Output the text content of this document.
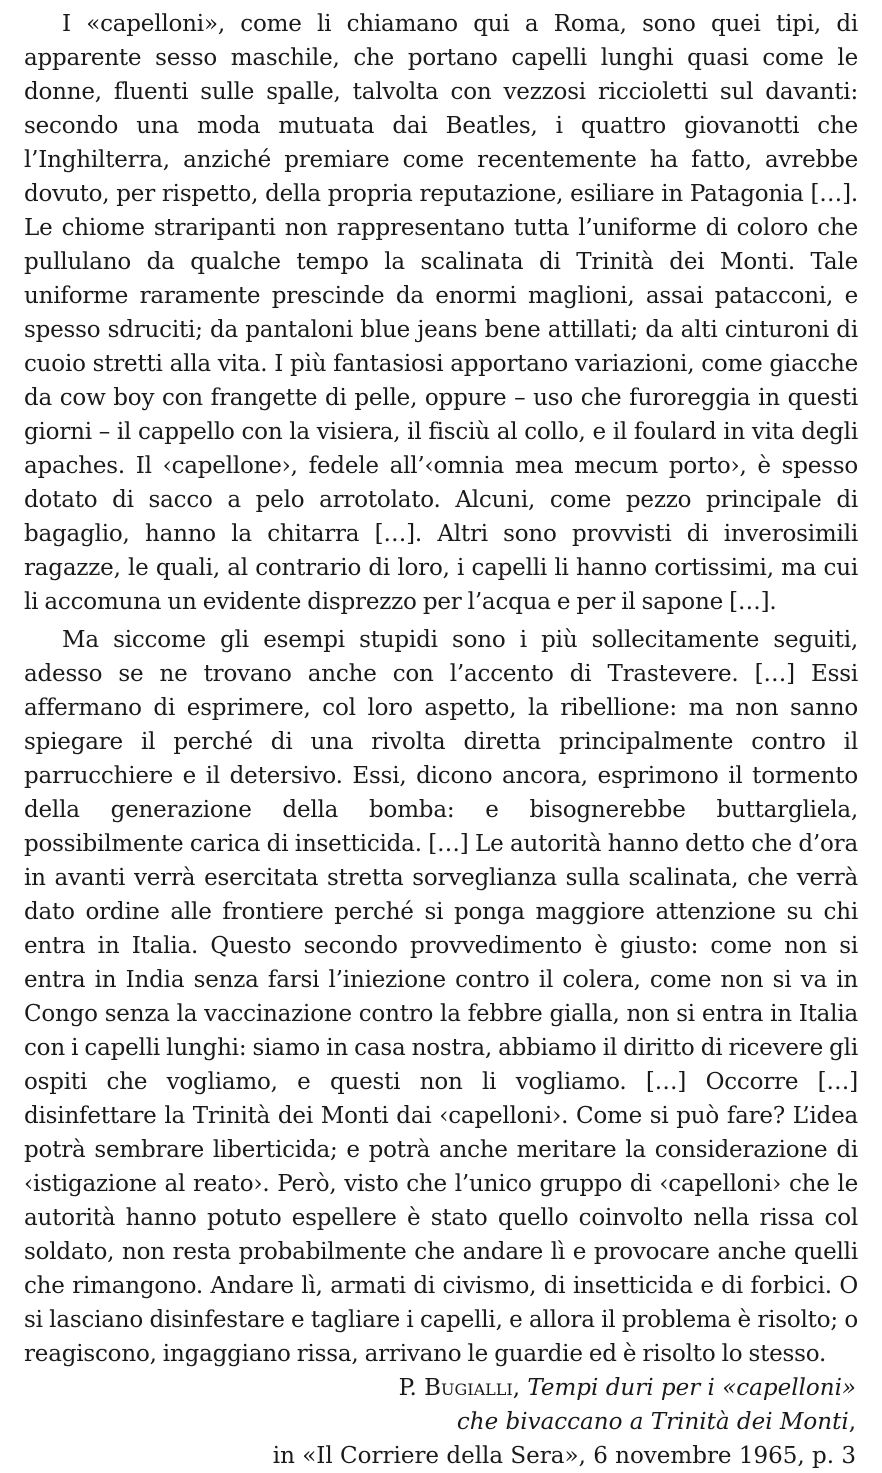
I «capelloni», come li chiamano qui a Roma, sono quei tipi, di apparente sesso maschile, che portano capelli lunghi quasi come le donne, fluenti sulle spalle, talvolta con vezzosi riccioletti sul davanti: secondo una moda mutuata dai Beatles, i quattro giovanotti che l’Inghilterra, anziché premiare come recentemente ha fatto, avrebbe dovuto, per rispetto, della propria reputazione, esiliare in Patagonia […]. Le chiome straripanti non rappresentano tutta l’uniforme di coloro che pullulano da qualche tempo la scalinata di Trinità dei Monti. Tale uniforme raramente prescinde da enormi maglioni, assai patacconi, e spesso sdruciti; da pantaloni blue jeans bene attillati; da alti cinturoni di cuoio stretti alla vita. I più fantasiosi apportano variazioni, come giacche da cow boy con frangette di pelle, oppure – uso che furoreggia in questi giorni – il cappello con la visiera, il fisciù al collo, e il foulard in vita degli apaches. Il ‹capellone›, fedele all’‹omnia mea mecum porto›, è spesso dotato di sacco a pelo arrotolato. Alcuni, come pezzo principale di bagaglio, hanno la chitarra […]. Altri sono provvisti di inverosimili ragazze, le quali, al contrario di loro, i capelli li hanno cortissimi, ma cui li accomuna un evidente disprezzo per l’acqua e per il sapone […].

Ma siccome gli esempi stupidi sono i più sollecitamente seguiti, adesso se ne trovano anche con l’accento di Trastevere. […] Essi affermano di esprimere, col loro aspetto, la ribellione: ma non sanno spiegare il perché di una rivolta diretta principalmente contro il parrucchiere e il detersivo. Essi, dicono ancora, esprimono il tormento della generazione della bomba: e bisognerebbe buttargliela, possibilmente carica di insetticida. […] Le autorità hanno detto che d’ora in avanti verrà esercitata stretta sorveglianza sulla scalinata, che verrà dato ordine alle frontiere perché si ponga maggiore attenzione su chi entra in Italia. Questo secondo provvedimento è giusto: come non si entra in India senza farsi l’iniezione contro il colera, come non si va in Congo senza la vaccinazione contro la febbre gialla, non si entra in Italia con i capelli lunghi: siamo in casa nostra, abbiamo il diritto di ricevere gli ospiti che vogliamo, e questi non li vogliamo. […] Occorre […] disinfettare la Trinità dei Monti dai ‹capelloni›. Come si può fare? L’idea potrà sembrare liberticida; e potrà anche meritare la considerazione di ‹istigazione al reato›. Però, visto che l’unico gruppo di ‹capelloni› che le autorità hanno potuto espellere è stato quello coinvolto nella rissa col soldato, non resta probabilmente che andare lì e provocare anche quelli che rimangono. Andare lì, armati di civismo, di insetticida e di forbici. O si lasciano disinfestare e tagliare i capelli, e allora il problema è risolto; o reagiscono, ingaggiano rissa, arrivano le guardie ed è risolto lo stesso.

P. Bugialli, Tempi duri per i «capelloni»
che bivaccano a Trinità dei Monti,
in «Il Corriere della Sera», 6 novembre 1965, p. 3
